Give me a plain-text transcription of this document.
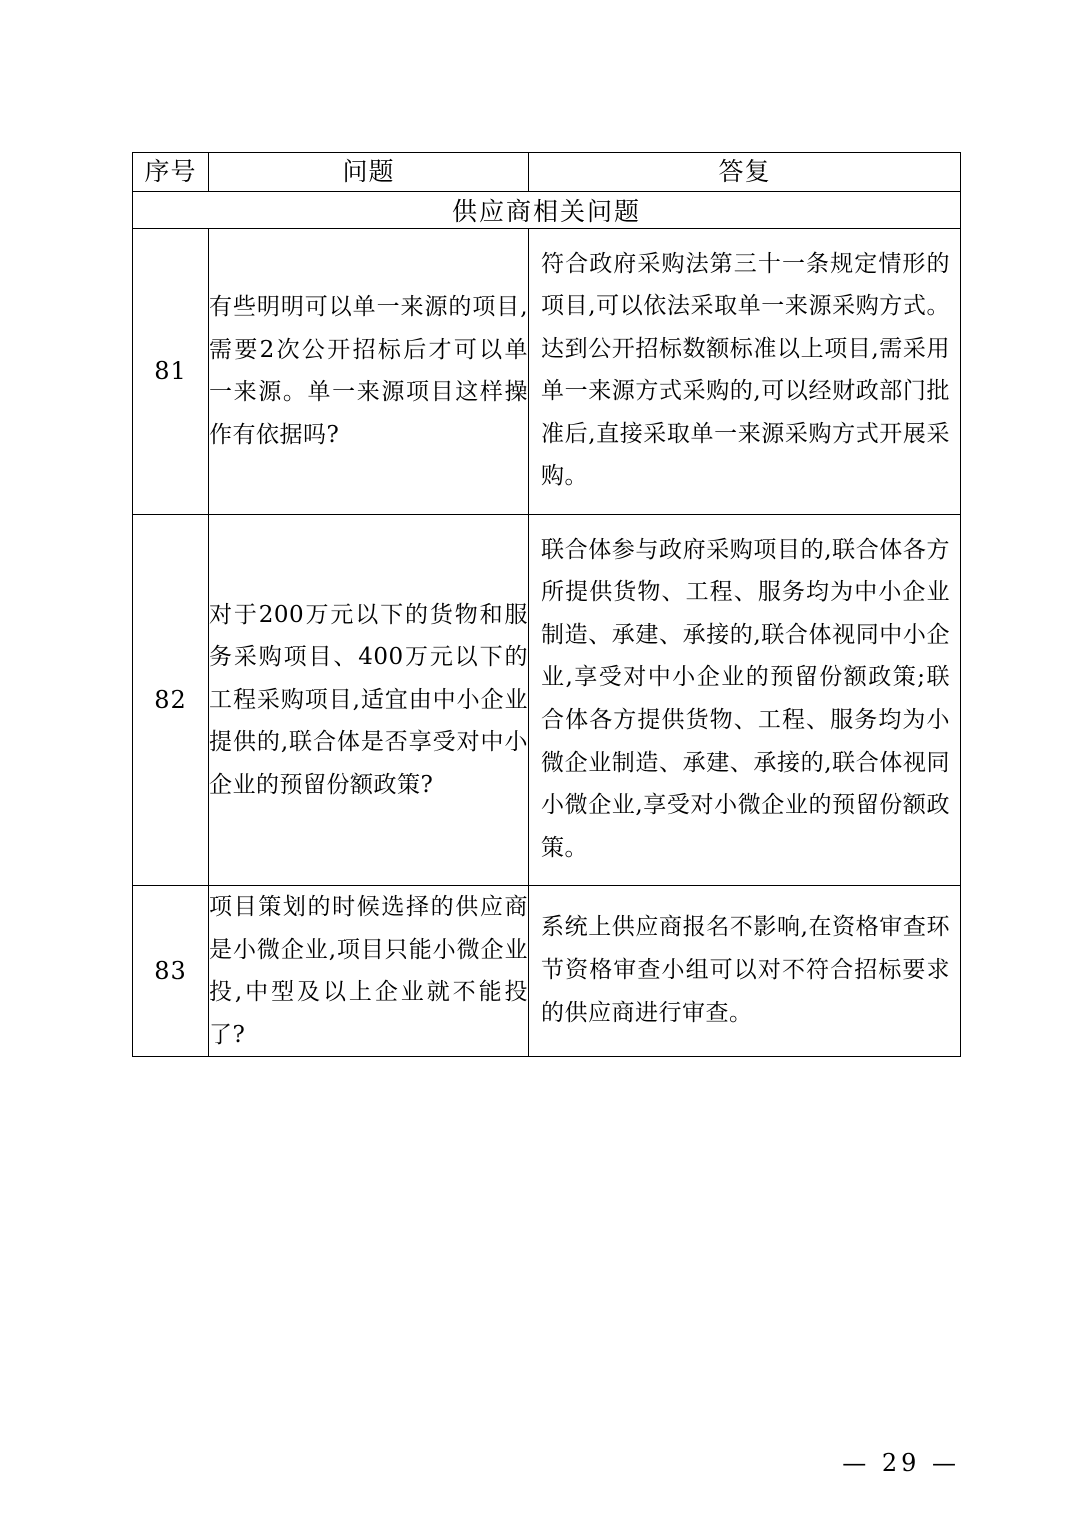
序号	问题	答复
供应商相关问题		
81	有些明明可以单一来源的项目,需要2次公开招标后才可以单一来源。单一来源项目这样操作有依据吗?	符合政府采购法第三十一条规定情形的项目,可以依法采取单一来源采购方式。达到公开招标数额标准以上项目,需采用单一来源方式采购的,可以经财政部门批准后,直接采取单一来源采购方式开展采购。
82	对于200万元以下的货物和服务采购项目、400万元以下的工程采购项目,适宜由中小企业提供的,联合体是否享受对中小企业的预留份额政策?	联合体参与政府采购项目的,联合体各方所提供货物、工程、服务均为中小企业制造、承建、承接的,联合体视同中小企业,享受对中小企业的预留份额政策;联合体各方提供货物、工程、服务均为小微企业制造、承建、承接的,联合体视同小微企业,享受对小微企业的预留份额政策。
83	项目策划的时候选择的供应商是小微企业,项目只能小微企业投,中型及以上企业就不能投了?	系统上供应商报名不影响,在资格审查环节资格审查小组可以对不符合招标要求的供应商进行审查。
— 29 —
